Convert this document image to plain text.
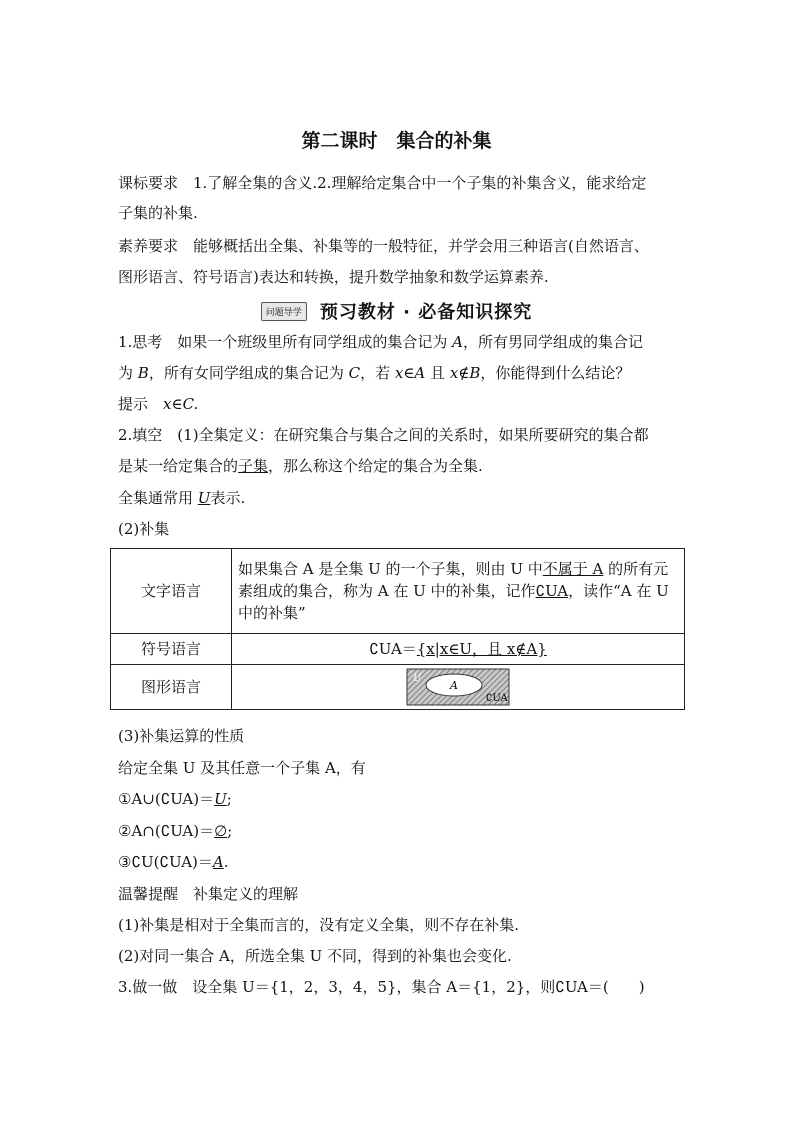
第二课时　集合的补集
课标要求　1.了解全集的含义.2.理解给定集合中一个子集的补集含义，能求给定
子集的补集.
素养要求　能够概括出全集、补集等的一般特征，并学会用三种语言(自然语言、
图形语言、符号语言)表达和转换，提升数学抽象和数学运算素养.
问题导学 预习教材 · 必备知识探究
1.思考　如果一个班级里所有同学组成的集合记为 A，所有男同学组成的集合记
为 B，所有女同学组成的集合记为 C，若 x∈A 且 x∉B，你能得到什么结论？
提示　x∈C.
2.填空　(1)全集定义：在研究集合与集合之间的关系时，如果所要研究的集合都
是某一给定集合的子集，那么称这个给定的集合为全集.
全集通常用 U表示.
(2)补集
文字语言	如果集合 A 是全集 U 的一个子集，则由 U 中不属于 A 的所有元
素组成的集合，称为 A 在 U 中的补集，记作∁UA，读作“A 在 U
中的补集”

符号语言	∁UA＝{x|x∈U，且 x∉A}
图形语言	U
A
∁UA
(3)补集运算的性质
给定全集 U 及其任意一个子集 A，有
①A∪(∁UA)＝U;
②A∩(∁UA)＝∅;
③∁U(∁UA)＝A.
温馨提醒　补集定义的理解
(1)补集是相对于全集而言的，没有定义全集，则不存在补集.
(2)对同一集合 A，所选全集 U 不同，得到的补集也会变化.
3.做一做　设全集 U＝{1，2，3，4，5}，集合 A＝{1，2}，则∁UA＝(　　)
